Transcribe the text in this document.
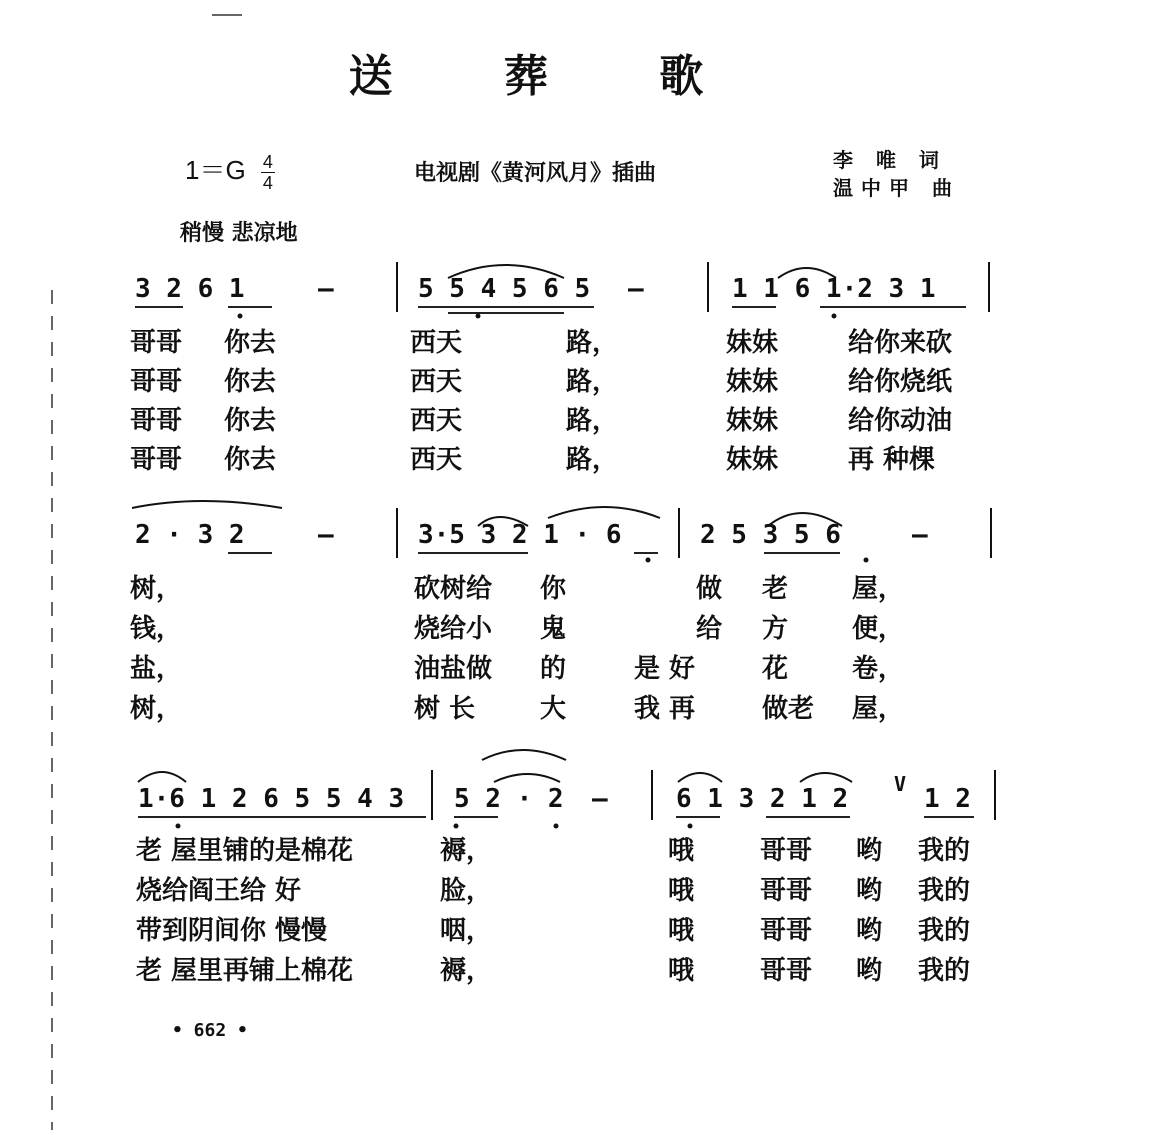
送 葬 歌
$1=G \frac{4}{4}$	电视剧《黄河风月》插曲	李 唯 词
温中甲 曲
稍慢 悲凉地
3 2 6 1	—	5 5 4 5 6 5 —	1 1 6 1·2 3 1
哥哥 你去	西天	路，	妹妹	给你来砍
哥哥 你去	西天	路，	妹妹	给你烧纸
哥哥 你去	西天	路，	妹妹	给你动油
哥哥 你去	西天	路，	妹妹	再 种棵
2 · 3 2	—	3·5 3 2 1 · 6	2 5 3 5 6	—
树，	砍树给 你	做 老 屋，
钱，	烧给小 鬼	给 方 便，
盐，	油盐做 的	是 好	花 卷，
树，	树 长 大	我 再	做老 屋，
1·6 1 2 6 5 5 4 3 5 2 · 2 —	6 1 3 2 1 2 V 1 2
老 屋里铺的是棉花	褥，	哦	哥哥 哟 我的
烧给阎王给 好	脸，	哦	哥哥 哟 我的
带到阴间你 慢慢	咽，	哦	哥哥 哟 我的
老 屋里再铺上棉花	褥，	哦	哥哥 哟 我的
• 662 •
